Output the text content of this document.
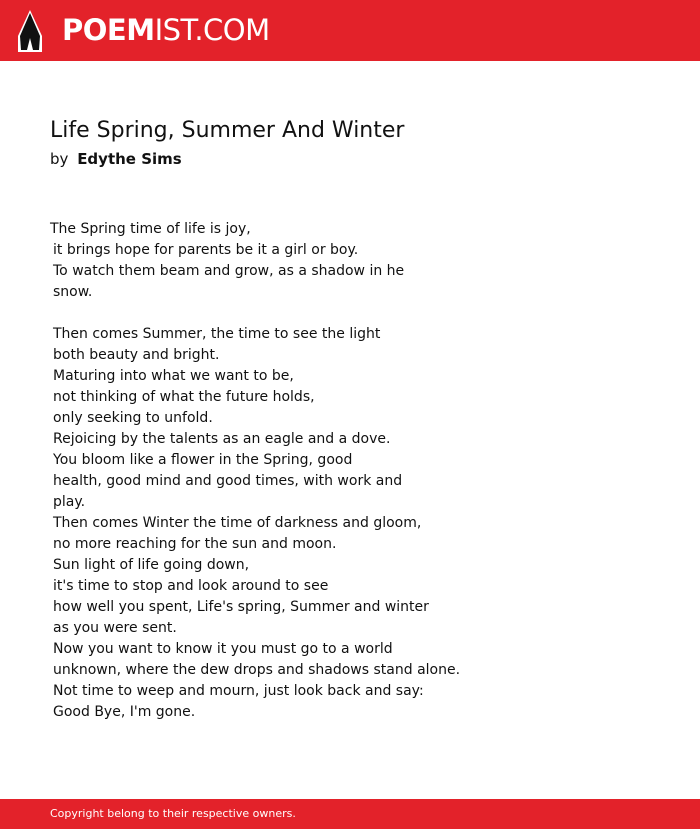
POEMIST.COM
Life Spring, Summer And Winter
by Edythe Sims
The Spring time of life is joy,
it brings hope for parents be it a girl or boy.
To watch them beam and grow, as a shadow in he
snow.
Then comes Summer, the time to see the light
both beauty and bright.
Maturing into what we want to be,
not thinking of what the future holds,
only seeking to unfold.
Rejoicing by the talents as an eagle and a dove.
You bloom like a flower in the Spring, good
health, good mind and good times, with work and
play.
Then comes Winter the time of darkness and gloom,
no more reaching for the sun and moon.
Sun light of life going down,
it's time to stop and look around to see
how well you spent, Life's spring, Summer and winter
as you were sent.
Now you want to know it you must go to a world
unknown, where the dew drops and shadows stand alone.
Not time to weep and mourn, just look back and say:
Good Bye, I'm gone.
Copyright belong to their respective owners.
